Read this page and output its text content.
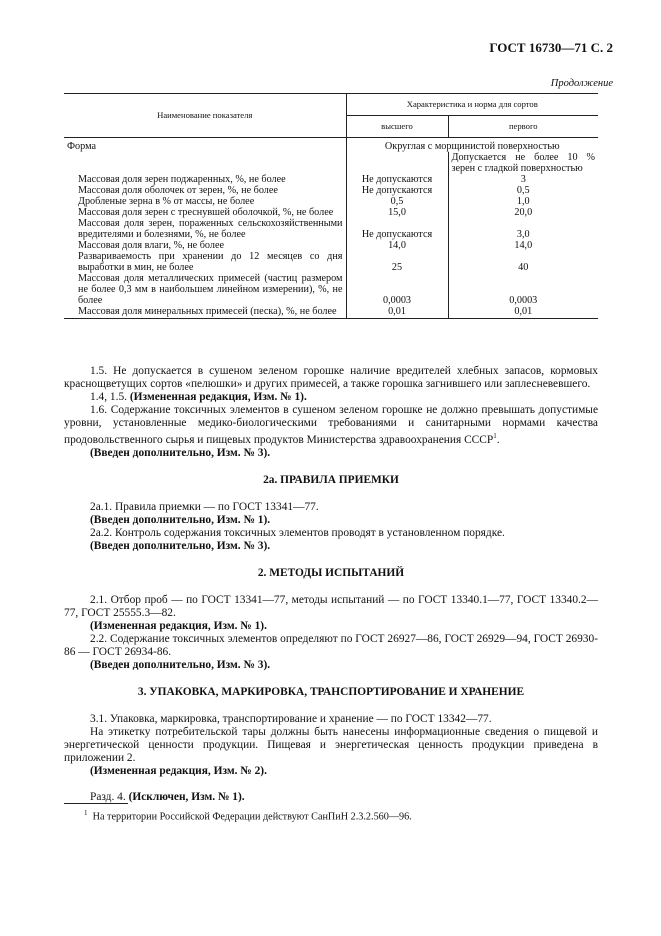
ГОСТ 16730—71 С. 2
Продолжение
Наименование показателя	Характеристика и норма для сортов	
	высшего	первого
Форма	Округлая с морщинистой поверхностью	
		Допускается не более 10 % зерен с гладкой поверхностью
Массовая доля зерен поджаренных, %, не более	Не допускаются	3
Массовая доля оболочек от зерен, %, не более	Не допускаются	0,5
Дробленые зерна в % от массы, не более	0,5	1,0
Массовая доля зерен с треснувшей оболочкой, %, не более	15,0	20,0
Массовая доля зерен, пораженных сельскохозяйственными вредителями и болезнями, %, не более	Не допускаются	3,0
Массовая доля влаги, %, не более	14,0	14,0
Развариваемость при хранении до 12 месяцев со дня выработки в мин, не более	25	40
Массовая доля металлических примесей (частиц размером не более 0,3 мм в наибольшем линейном измерении), %, не более	0,0003	0,0003
Массовая доля минеральных примесей (песка), %, не более	0,01	0,01

1.5. Не допускается в сушеном зеленом горошке наличие вредителей хлебных запасов, кормовых краснощветущих сортов «пелюшки» и других примесей, а также горошка загнившего или заплесневевшего.

1.4, 1.5. (Измененная редакция, Изм. № 1).

1.6. Содержание токсичных элементов в сушеном зеленом горошке не должно превышать допустимые уровни, установленные медико-биологическими требованиями и санитарными нормами качества продовольственного сырья и пищевых продуктов Министерства здравоохранения СССР$^1$.

(Введен дополнительно, Изм. № 3).

2а. ПРАВИЛА ПРИЕМКИ

2а.1. Правила приемки — по ГОСТ 13341—77.

(Введен дополнительно, Изм. № 1).

2а.2. Контроль содержания токсичных элементов проводят в установленном порядке.

(Введен дополнительно, Изм. № 3).

2. МЕТОДЫ ИСПЫТАНИЙ

2.1. Отбор проб — по ГОСТ 13341—77, методы испытаний — по ГОСТ 13340.1—77, ГОСТ 13340.2—77, ГОСТ 25555.3—82.

(Измененная редакция, Изм. № 1).

2.2. Содержание токсичных элементов определяют по ГОСТ 26927—86, ГОСТ 26929—94, ГОСТ 26930-86 — ГОСТ 26934-86.

(Введен дополнительно, Изм. № 3).

3. УПАКОВКА, МАРКИРОВКА, ТРАНСПОРТИРОВАНИЕ И ХРАНЕНИЕ

3.1. Упаковка, маркировка, транспортирование и хранение — по ГОСТ 13342—77.

На этикетку потребительской тары должны быть нанесены информационные сведения о пищевой и энергетической ценности продукции. Пищевая и энергетическая ценность продукции приведена в приложении 2.

(Измененная редакция, Изм. № 2).

Разд. 4. (Исключен, Изм. № 1).

$^1$ На территории Российской Федерации действуют СанПиН 2.3.2.560—96.
